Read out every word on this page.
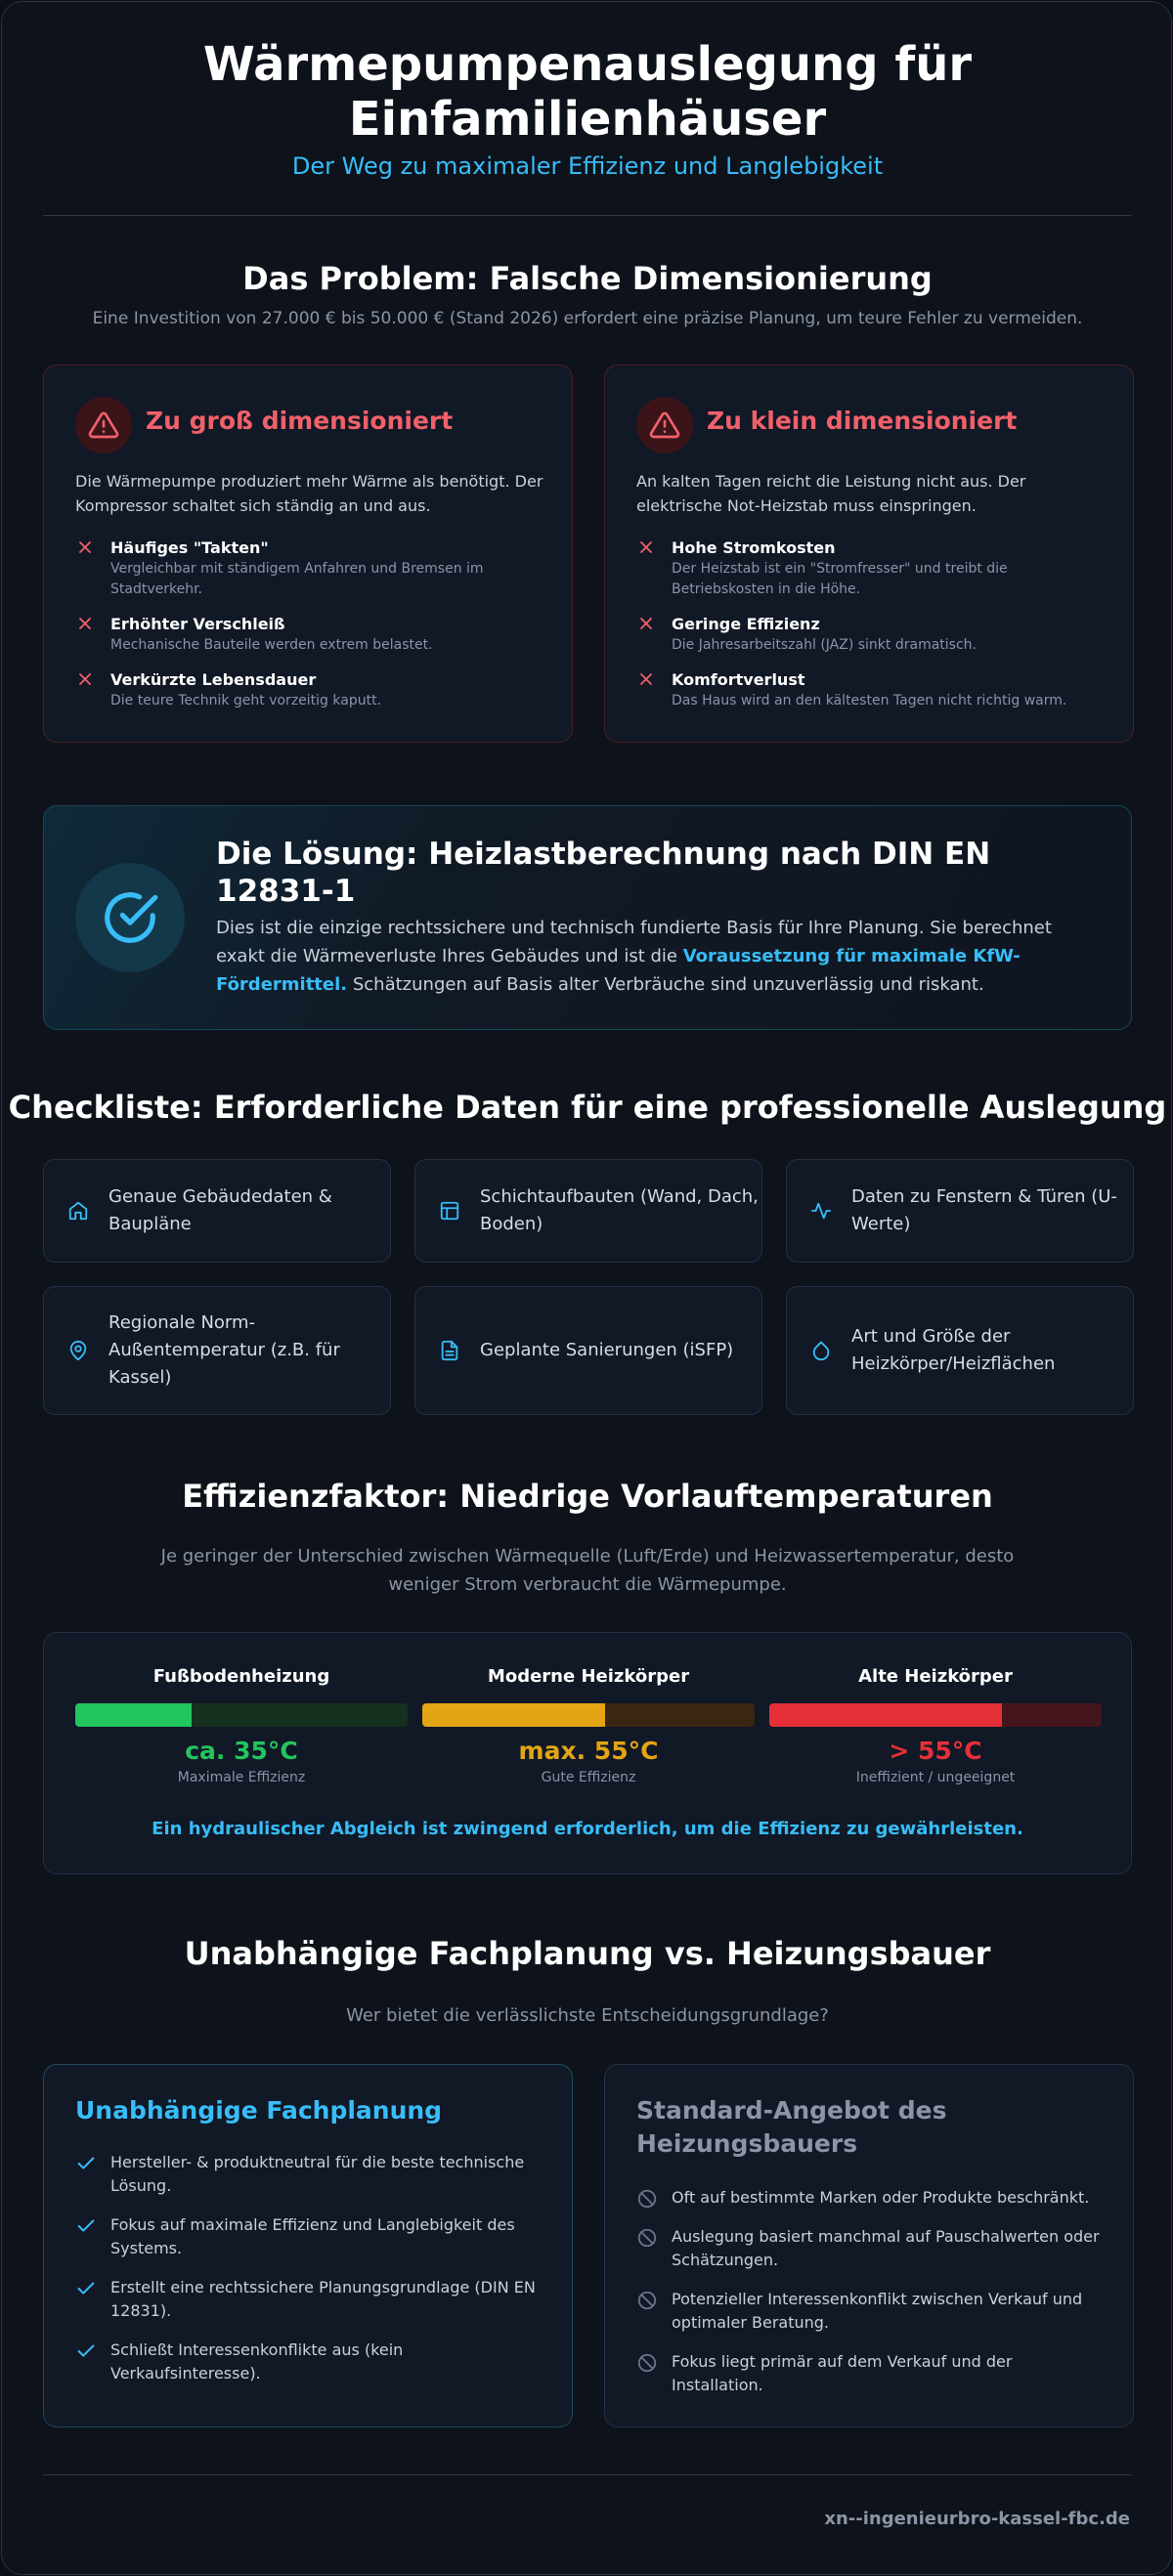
Wärmepumpenauslegung für
Einfamilienhäuser
Der Weg zu maximaler Effizienz und Langlebigkeit
Das Problem: Falsche Dimensionierung
Eine Investition von 27.000 € bis 50.000 € (Stand 2026) erfordert eine präzise Planung, um teure Fehler zu vermeiden.
Zu groß dimensioniert
Die Wärmepumpe produziert mehr Wärme als benötigt. Der Kompressor schaltet sich ständig an und aus.
Häufiges "Takten"
Vergleichbar mit ständigem Anfahren und Bremsen im Stadtverkehr.
Erhöhter Verschleiß
Mechanische Bauteile werden extrem belastet.
Verkürzte Lebensdauer
Die teure Technik geht vorzeitig kaputt.
Zu klein dimensioniert
An kalten Tagen reicht die Leistung nicht aus. Der elektrische Not-Heizstab muss einspringen.
Hohe Stromkosten
Der Heizstab ist ein "Stromfresser" und treibt die Betriebskosten in die Höhe.
Geringe Effizienz
Die Jahresarbeitszahl (JAZ) sinkt dramatisch.
Komfortverlust
Das Haus wird an den kältesten Tagen nicht richtig warm.
Die Lösung: Heizlastberechnung nach DIN EN 12831-1
Dies ist die einzige rechtssichere und technisch fundierte Basis für Ihre Planung. Sie berechnet exakt die Wärmeverluste Ihres Gebäudes und ist die Voraussetzung für maximale KfW-Fördermittel. Schätzungen auf Basis alter Verbräuche sind unzuverlässig und riskant.
Checkliste: Erforderliche Daten für eine professionelle Auslegung
Genaue Gebäudedaten & Baupläne
Schichtaufbauten (Wand, Dach, Boden)
Daten zu Fenstern & Türen (U-Werte)
Regionale Norm-Außentemperatur (z.B. für Kassel)
Geplante Sanierungen (iSFP)
Art und Größe der Heizkörper/Heizflächen
Effizienzfaktor: Niedrige Vorlauftemperaturen
Je geringer der Unterschied zwischen Wärmequelle (Luft/Erde) und Heizwassertemperatur, desto
weniger Strom verbraucht die Wärmepumpe.
Fußbodenheizung
ca. 35°C
Maximale Effizienz
Moderne Heizkörper
max. 55°C
Gute Effizienz
Alte Heizkörper
> 55°C
Ineffizient / ungeeignet
Ein hydraulischer Abgleich ist zwingend erforderlich, um die Effizienz zu gewährleisten.
Unabhängige Fachplanung vs. Heizungsbauer
Wer bietet die verlässlichste Entscheidungsgrundlage?
Unabhängige Fachplanung
Hersteller- & produktneutral für die beste technische Lösung.
Fokus auf maximale Effizienz und Langlebigkeit des Systems.
Erstellt eine rechtssichere Planungsgrundlage (DIN EN 12831).
Schließt Interessenkonflikte aus (kein Verkaufsinteresse).
Standard-Angebot des Heizungsbauers
Oft auf bestimmte Marken oder Produkte beschränkt.
Auslegung basiert manchmal auf Pauschalwerten oder Schätzungen.
Potenzieller Interessenkonflikt zwischen Verkauf und optimaler Beratung.
Fokus liegt primär auf dem Verkauf und der Installation.
xn--ingenieurbro-kassel-fbc.de
